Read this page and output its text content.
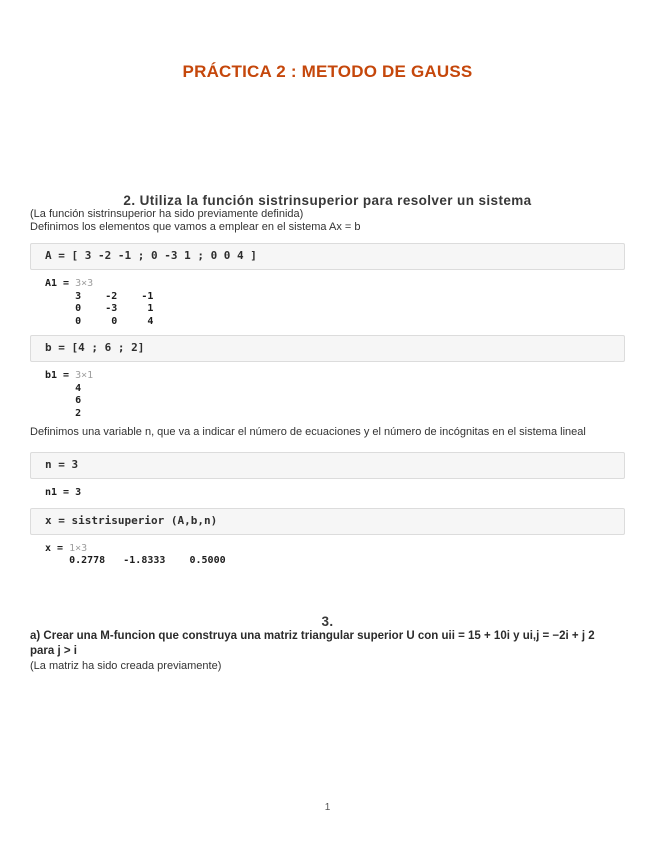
PRÁCTICA 2 : METODO DE GAUSS
2. Utiliza la función sistrinsuperior para resolver un sistema

(La función sistrinsuperior ha sido previamente definida)

Definimos los elementos que vamos a emplear en el sistema Ax = b

A = [ 3 -2 -1 ; 0 -3 1 ; 0 0 4 ]
A1 = 3×3
3    -2    -1
0    -3     1
0     0     4
b = [4 ; 6 ; 2]
b1 = 3×1
4
6
2

Definimos una variable n, que va a indicar el número de ecuaciones y el número de incógnitas en el sistema lineal

n = 3
n1 = 3
x = sistrisuperior (A,b,n)
x = 1×3
0.2778   -1.8333    0.5000
3.

a) Crear una M-funcion que construya una matriz triangular superior U con uii = 15 + 10i y ui,j = −2i + j 2 para j > i

(La matriz ha sido creada previamente)

1
